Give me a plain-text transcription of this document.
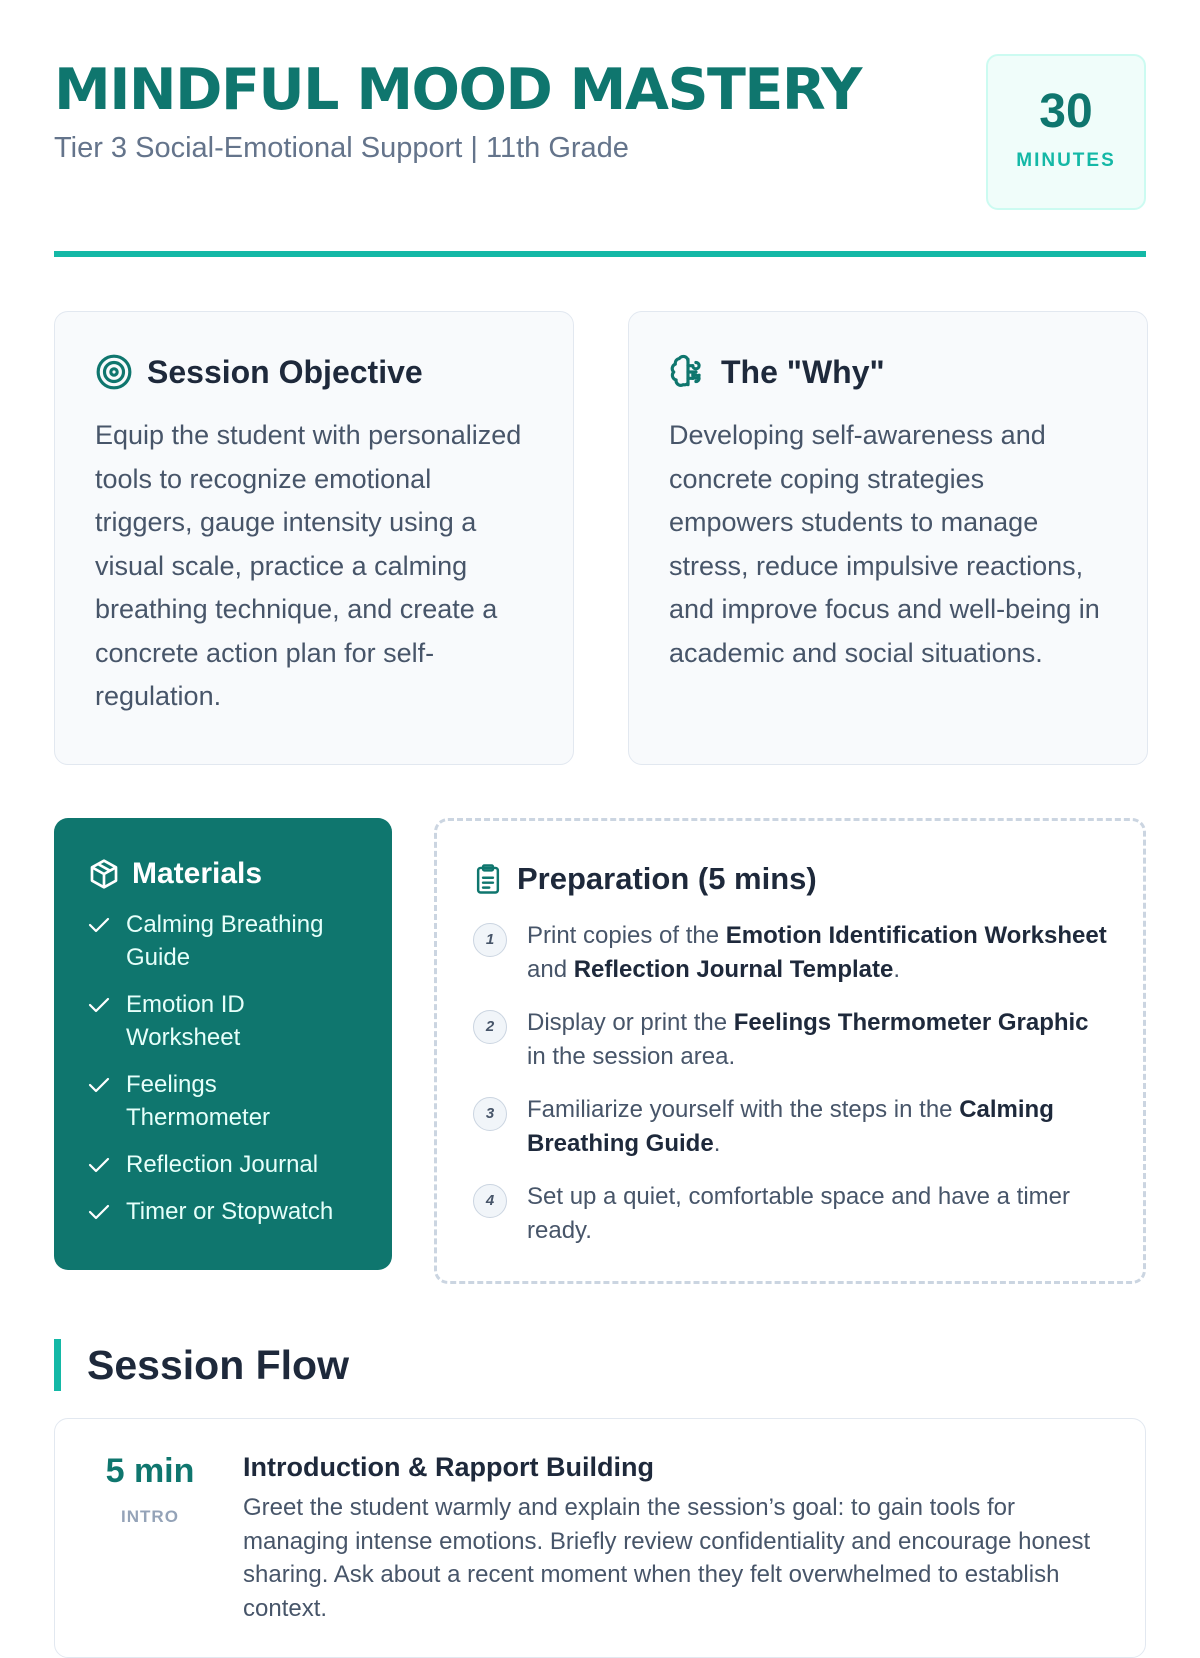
MINDFUL MOOD MASTERY
Tier 3 Social-Emotional Support | 11th Grade
30
MINUTES
Session Objective

Equip the student with personalized tools to recognize emotional triggers, gauge intensity using a visual scale, practice a calming breathing technique, and create a concrete action plan for self-regulation.

The "Why"

Developing self-awareness and concrete coping strategies empowers students to manage stress, reduce impulsive reactions, and improve focus and well-being in academic and social situations.

Materials
Calming Breathing Guide
Emotion ID Worksheet
Feelings Thermometer
Reflection Journal
Timer or Stopwatch
Preparation (5 mins)
1	Print copies of the Emotion Identification Worksheet and Reflection Journal Template.
2	Display or print the Feelings Thermometer Graphic in the session area.
3	Familiarize yourself with the steps in the Calming Breathing Guide.
4	Set up a quiet, comfortable space and have a timer ready.
Session Flow
5 min
INTRO
Introduction & Rapport Building

Greet the student warmly and explain the session’s goal: to gain tools for managing intense emotions. Briefly review confidentiality and encourage honest sharing. Ask about a recent moment when they felt overwhelmed to establish context.
